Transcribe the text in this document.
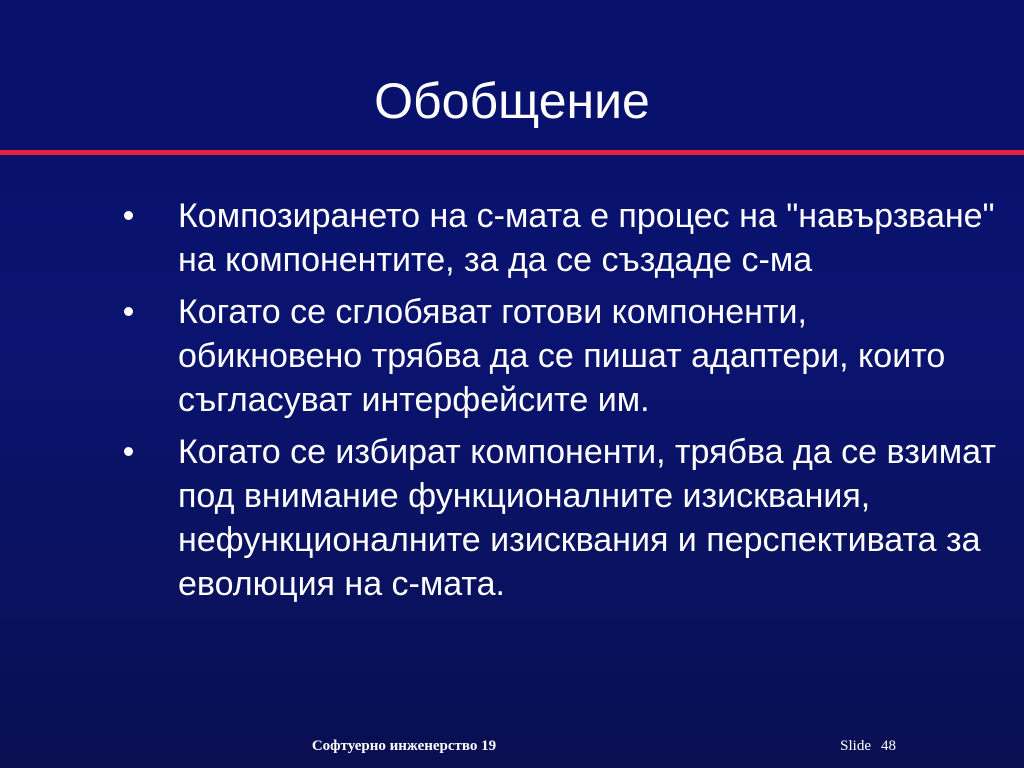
Обобщение
Композирането на с-мата е процес на "навързване" на компонентите, за да се създаде с-ма
Когато се сглобяват готови компоненти, обикновено трябва да се пишат адаптери, които съгласуват интерфейсите им.
Когато се избират компоненти, трябва да се взимат под внимание функционалните изисквания, нефункционалните изисквания и перспективата за еволюция на с-мата.
Софтуерно инженерство 19	Slide 48
